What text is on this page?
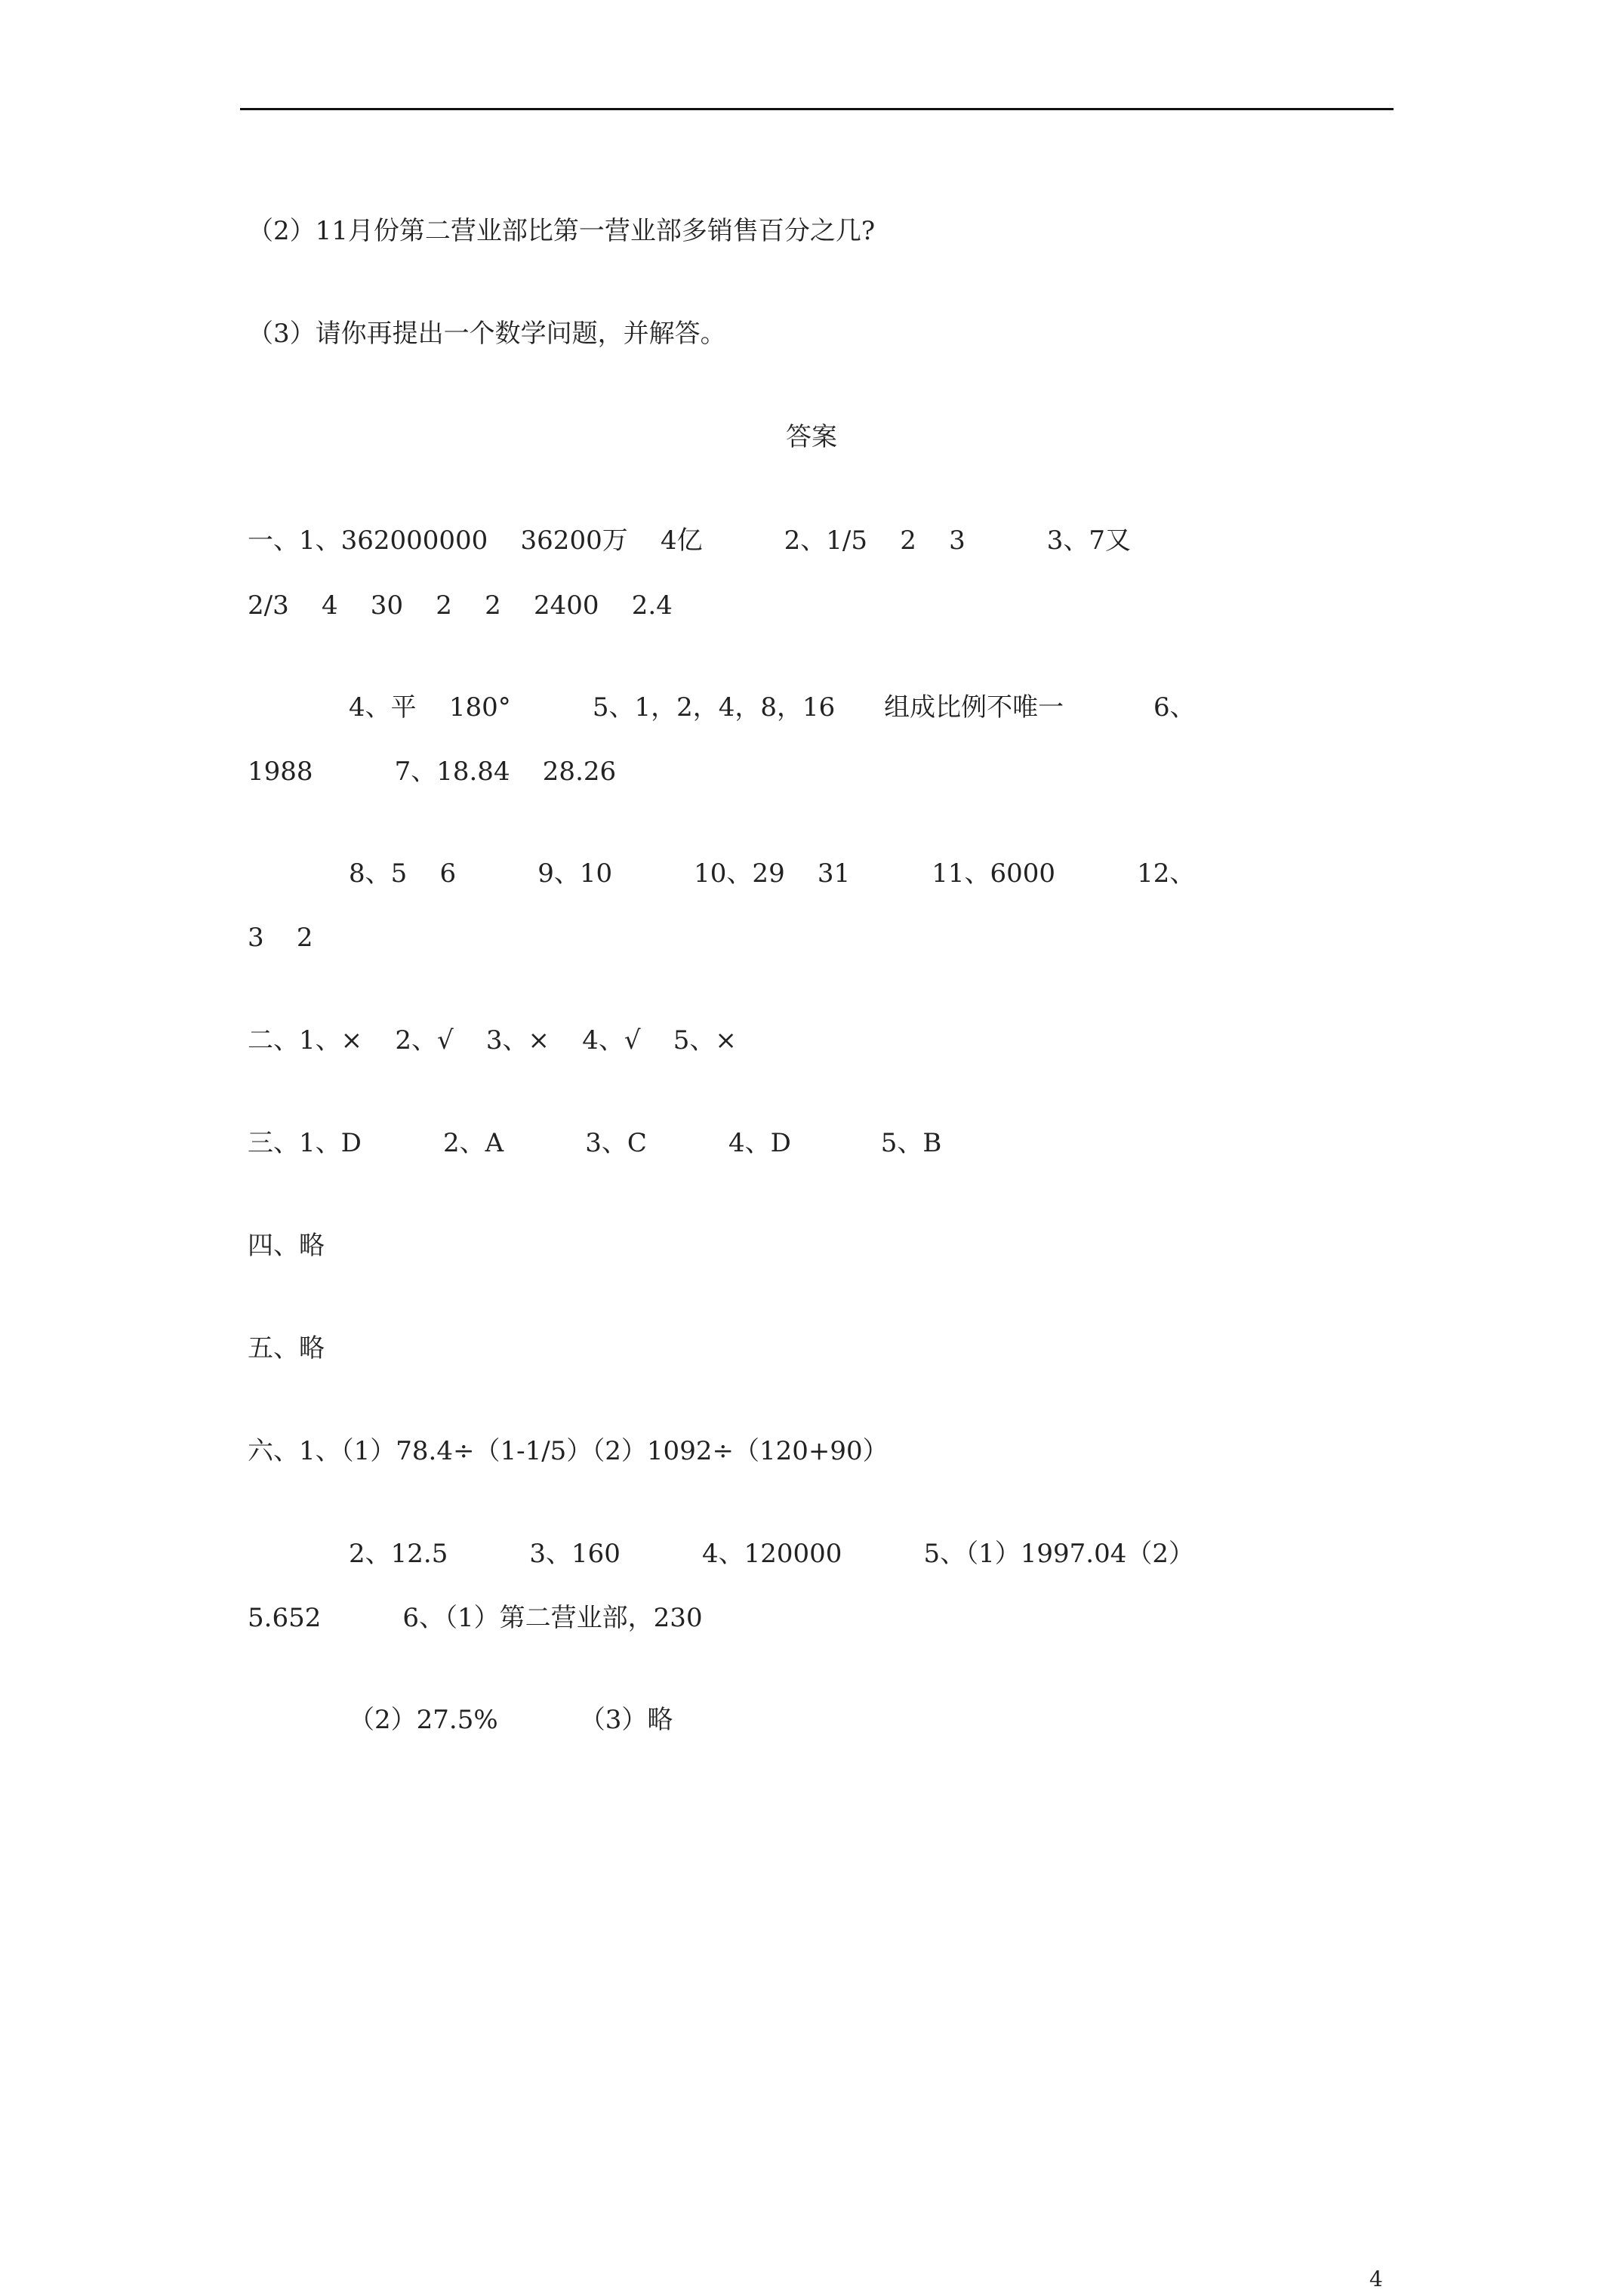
（2）11月份第二营业部比第一营业部多销售百分之几?
（3）请你再提出一个数学问题，并解答。
答案
一、1、362000000    36200万    4亿          2、1/5    2    3          3、7又
2/3    4    30    2    2    2400    2.4
4、平    180°          5、1，2，4，8，16      组成比例不唯一           6、
1988          7、18.84    28.26
8、5    6          9、10          10、29    31          11、6000          12、
3    2
二、1、×    2、√    3、×    4、√    5、×
三、1、D          2、A          3、C          4、D           5、B
四、略
五、略
六、1、（1）78.4÷（1-1/5）（2）1092÷（120+90）
2、12.5          3、160          4、120000          5、（1）1997.04（2）
5.652          6、（1）第二营业部，230
（2）27.5%          （3）略
4
